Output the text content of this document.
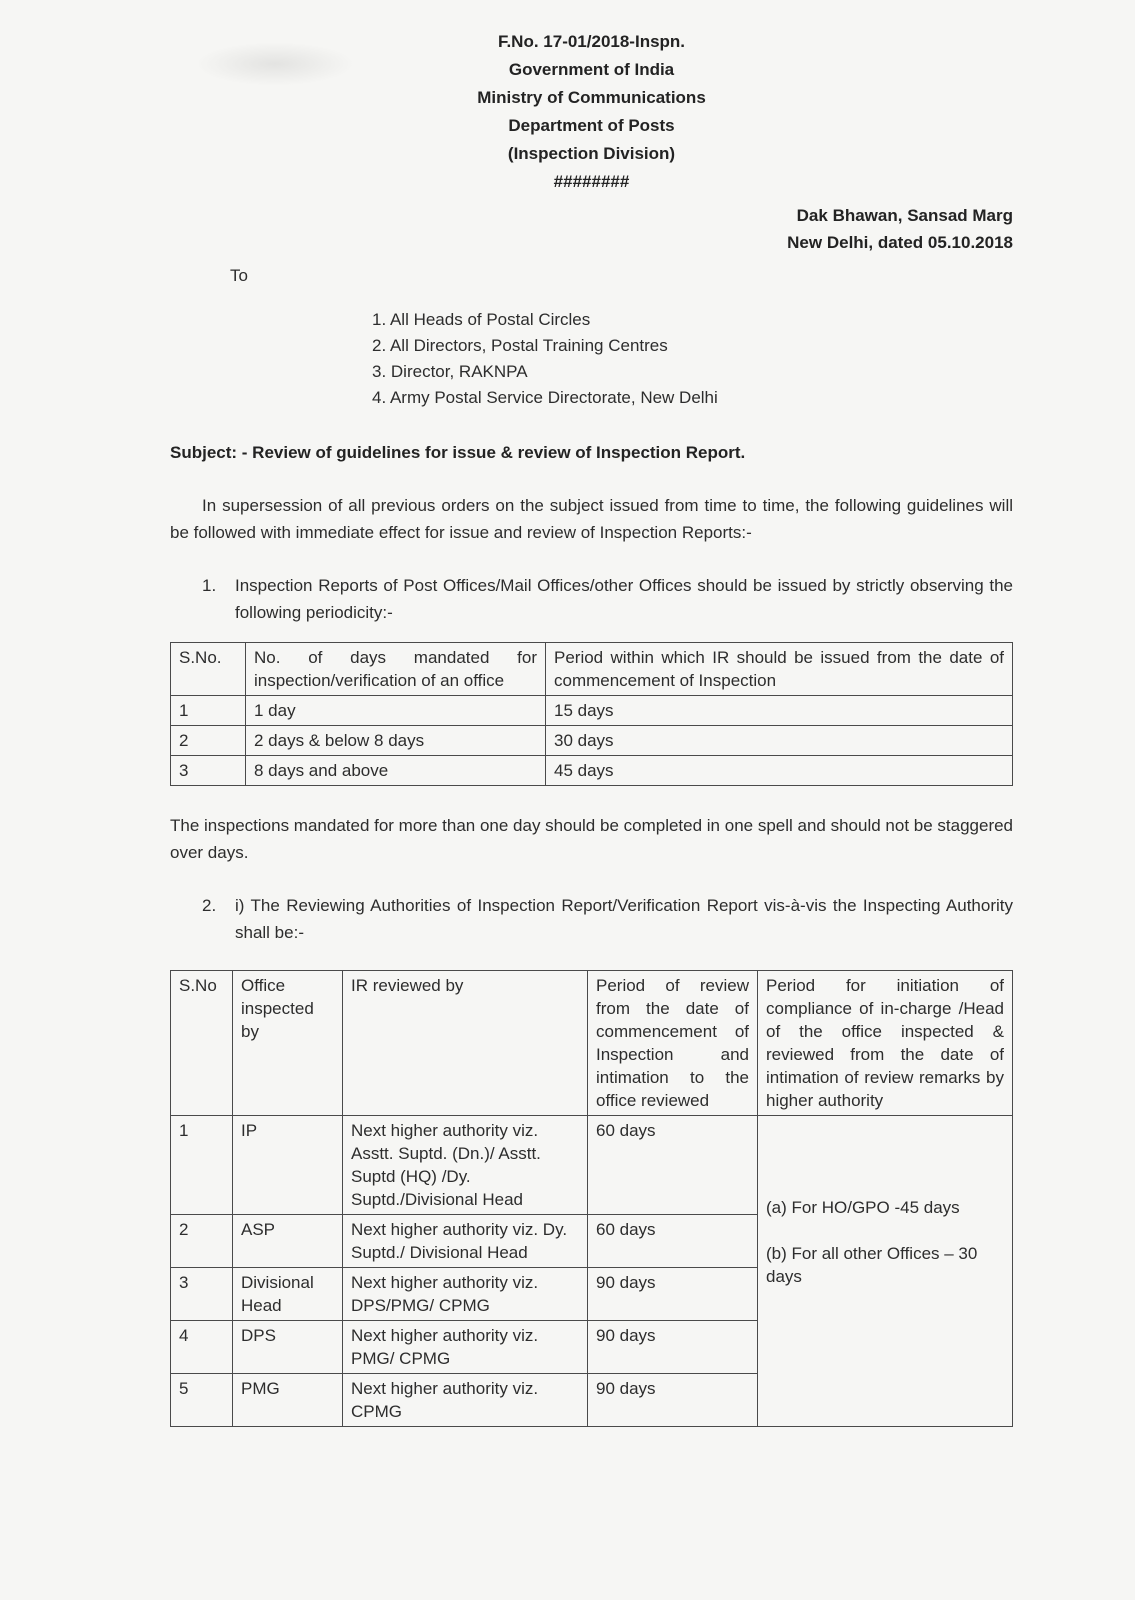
F.No. 17-01/2018-Inspn.
Government of India
Ministry of Communications
Department of Posts
(Inspection Division)
########
Dak Bhawan, Sansad Marg
New Delhi, dated 05.10.2018
To
1. All Heads of Postal Circles
2. All Directors, Postal Training Centres
3. Director, RAKNPA
4. Army Postal Service Directorate, New Delhi
Subject: - Review of guidelines for issue & review of Inspection Report.

In supersession of all previous orders on the subject issued from time to time, the following guidelines will be followed with immediate effect for issue and review of Inspection Reports:-

1.	Inspection Reports of Post Offices/Mail Offices/other Offices should be issued by strictly observing the following periodicity:-
S.No.	No. of days mandated for inspection/verification of an office	Period within which IR should be issued from the date of commencement of Inspection
1	1 day	15 days
2	2 days & below 8 days	30 days
3	8 days and above	45 days

The inspections mandated for more than one day should be completed in one spell and should not be staggered over days.

2.	i) The Reviewing Authorities of Inspection Report/Verification Report vis-à-vis the Inspecting Authority shall be:-
S.No	Office inspected by	IR reviewed by	Period of review from the date of commencement of Inspection and intimation to the office reviewed	Period for initiation of compliance of in-charge /Head of the office inspected & reviewed from the date of intimation of review remarks by higher authority
1	IP	Next higher authority viz. Asstt. Suptd. (Dn.)/ Asstt. Suptd (HQ) /Dy. Suptd./Divisional Head	60 days	(a) For HO/GPO -45 days
(b) For all other Offices – 30 days

2	ASP	Next higher authority viz. Dy. Suptd./ Divisional Head	60 days	
3	Divisional Head	Next higher authority viz. DPS/PMG/ CPMG	90 days	
4	DPS	Next higher authority viz. PMG/ CPMG	90 days	
5	PMG	Next higher authority viz. CPMG	90 days	
